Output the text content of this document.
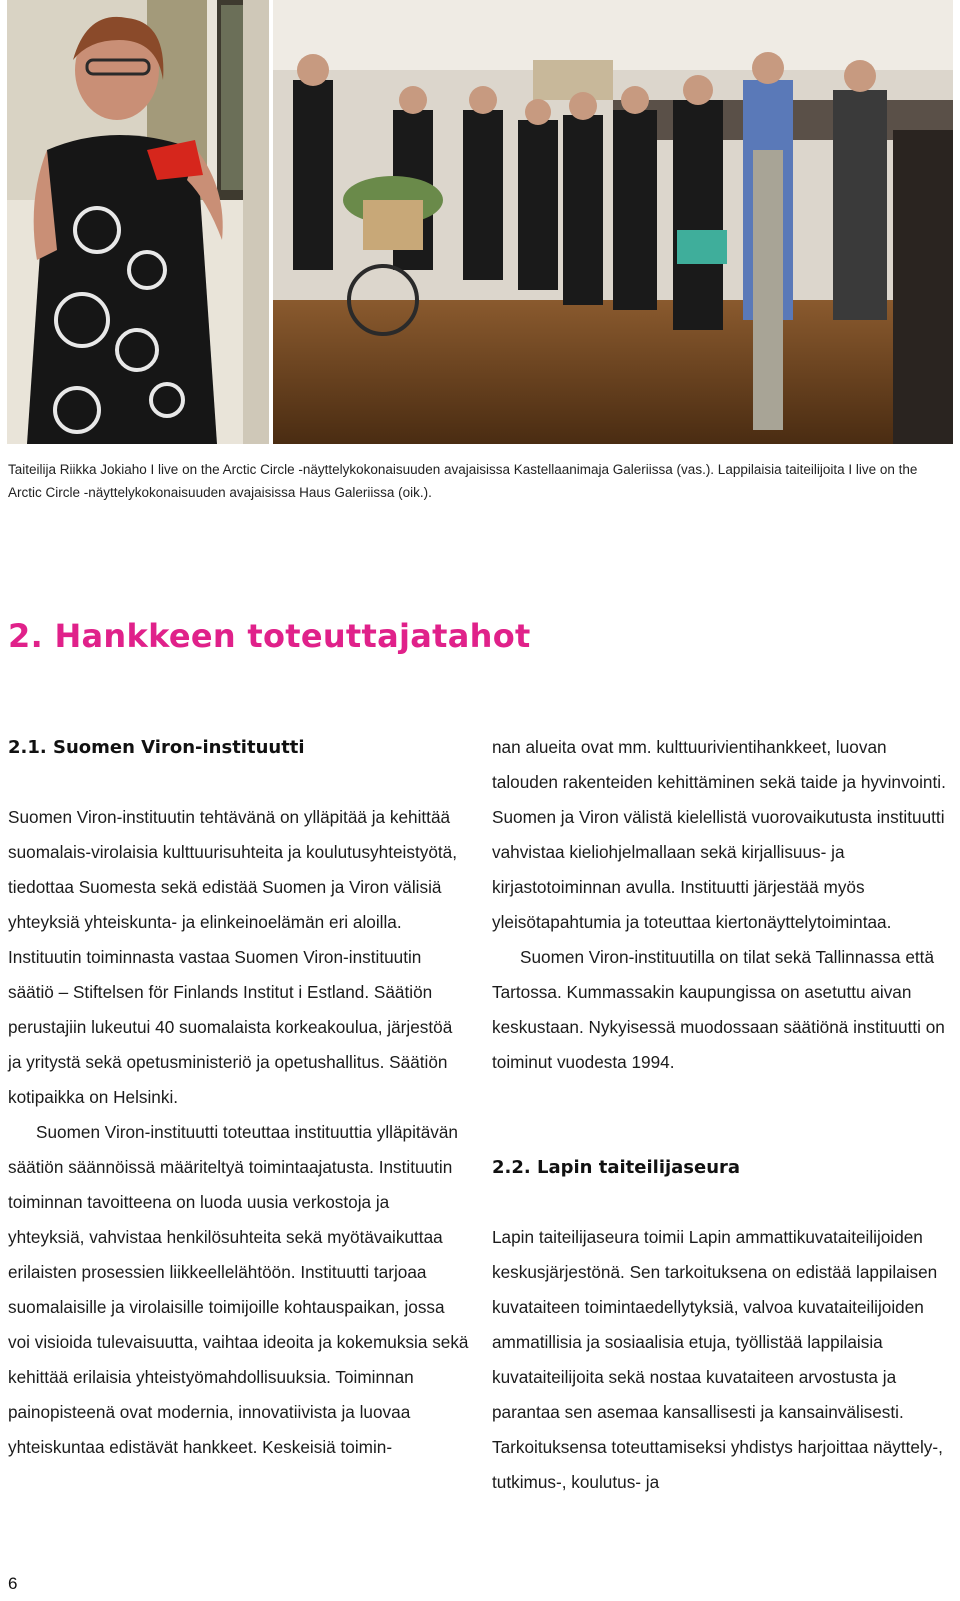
Taiteilija Riikka Jokiaho I live on the Arctic Circle -näyttelykokonaisuuden avajaisissa Kastellaanimaja Galeriissa (vas.). Lappilaisia taiteilijoita I live on the Arctic Circle -näyttelykokonaisuuden avajaisissa Haus Galeriissa (oik.).
2. Hankkeen toteuttajatahot
2.1. Suomen Viron-instituutti

Suomen Viron-instituutin tehtävänä on ylläpitää ja kehittää suomalais-virolaisia kulttuurisuhteita ja koulutusyhteistyötä, tiedottaa Suomesta sekä edistää Suomen ja Viron välisiä yhteyksiä yhteiskunta- ja elinkeinoelämän eri aloilla. Instituutin toiminnasta vastaa Suomen Viron-instituutin säätiö – Stiftelsen för Finlands Institut i Estland. Säätiön perustajiin lukeutui 40 suomalaista korkeakoulua, järjestöä ja yritystä sekä opetusministeriö ja opetushallitus. Säätiön kotipaikka on Helsinki.

Suomen Viron-instituutti toteuttaa instituuttia ylläpitävän säätiön säännöissä määriteltyä toimintaajatusta. Instituutin toiminnan tavoitteena on luoda uusia verkostoja ja yhteyksiä, vahvistaa henkilösuhteita sekä myötävaikuttaa erilaisten prosessien liikkeellelähtöön. Instituutti tarjoaa suomalaisille ja virolaisille toimijoille kohtauspaikan, jossa voi visioida tulevaisuutta, vaihtaa ideoita ja kokemuksia sekä kehittää erilaisia yhteistyömahdollisuuksia. Toiminnan painopisteenä ovat modernia, innovatiivista ja luovaa yhteiskuntaa edistävät hankkeet. Keskeisiä toimin-

nan alueita ovat mm. kulttuurivientihankkeet, luovan talouden rakenteiden kehittäminen sekä taide ja hyvinvointi. Suomen ja Viron välistä kielellistä vuorovaikutusta instituutti vahvistaa kieliohjelmallaan sekä kirjallisuus- ja kirjastotoiminnan avulla. Instituutti järjestää myös yleisötapahtumia ja toteuttaa kiertonäyttelytoimintaa.

Suomen Viron-instituutilla on tilat sekä Tallinnassa että Tartossa. Kummassakin kaupungissa on asetuttu aivan keskustaan. Nykyisessä muodossaan säätiönä instituutti on toiminut vuodesta 1994.

2.2. Lapin taiteilijaseura

Lapin taiteilijaseura toimii Lapin ammattikuvataiteilijoiden keskusjärjestönä. Sen tarkoituksena on edistää lappilaisen kuvataiteen toimintaedellytyksiä, valvoa kuvataiteilijoiden ammatillisia ja sosiaalisia etuja, työllistää lappilaisia kuvataiteilijoita sekä nostaa kuvataiteen arvostusta ja parantaa sen asemaa kansallisesti ja kansainvälisesti. Tarkoituksensa toteuttamiseksi yhdistys harjoittaa näyttely-, tutkimus-, koulutus- ja

6
